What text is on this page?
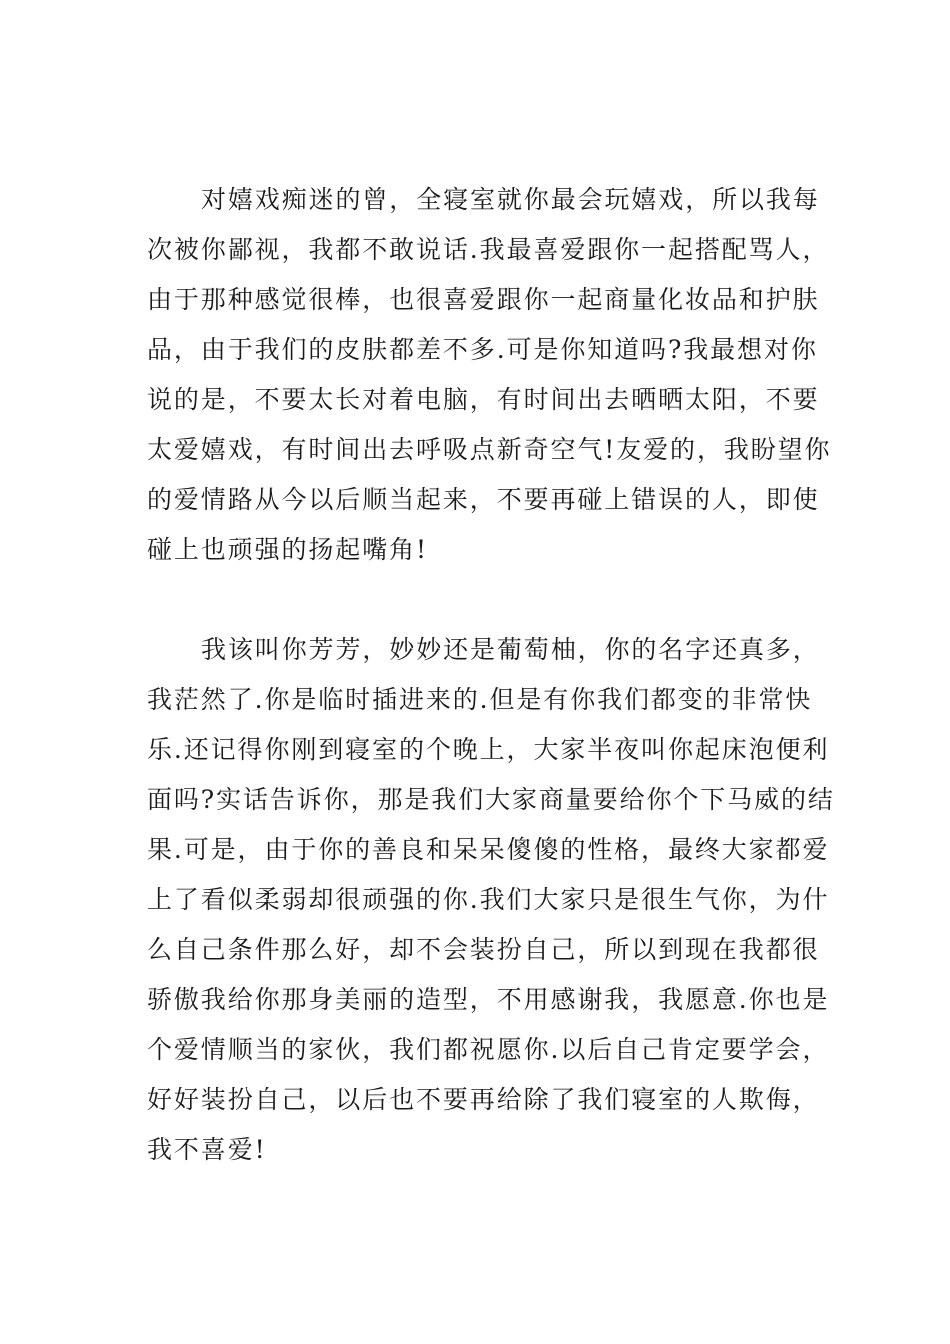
对嬉戏痴迷的曾，全寝室就你最会玩嬉戏，所以我每
次被你鄙视，我都不敢说话.我最喜爱跟你一起搭配骂人，
由于那种感觉很棒，也很喜爱跟你一起商量化妆品和护肤
品，由于我们的皮肤都差不多.可是你知道吗?我最想对你
说的是，不要太长对着电脑，有时间出去晒晒太阳，不要
太爱嬉戏，有时间出去呼吸点新奇空气!友爱的，我盼望你
的爱情路从今以后顺当起来，不要再碰上错误的人，即使
碰上也顽强的扬起嘴角!
我该叫你芳芳，妙妙还是葡萄柚，你的名字还真多，
我茫然了.你是临时插进来的.但是有你我们都变的非常快
乐.还记得你刚到寝室的个晚上，大家半夜叫你起床泡便利
面吗?实话告诉你，那是我们大家商量要给你个下马威的结
果.可是，由于你的善良和呆呆傻傻的性格，最终大家都爱
上了看似柔弱却很顽强的你.我们大家只是很生气你，为什
么自己条件那么好，却不会装扮自己，所以到现在我都很
骄傲我给你那身美丽的造型，不用感谢我，我愿意.你也是
个爱情顺当的家伙，我们都祝愿你.以后自己肯定要学会，
好好装扮自己，以后也不要再给除了我们寝室的人欺侮，
我不喜爱!
